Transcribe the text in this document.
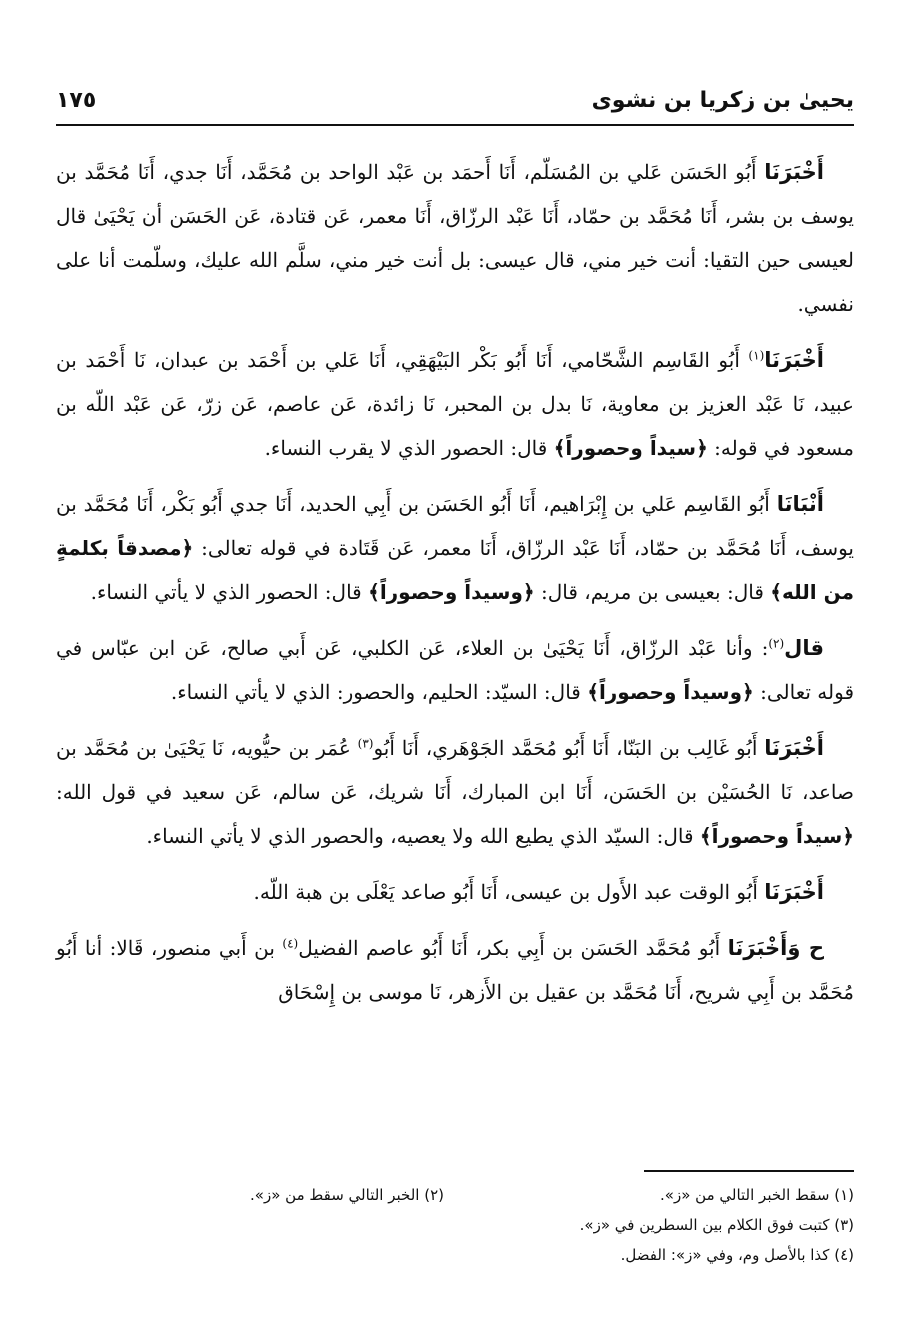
يحيىٰ بن زكريا بن نشوى
١٧٥

أَخْبَرَنَا أَبُو الحَسَن عَلي بن المُسَلّم، أَنَا أَحمَد بن عَبْد الواحد بن مُحَمَّد، أَنَا جدي، أَنَا مُحَمَّد بن يوسف بن بشر، أَنَا مُحَمَّد بن حمّاد، أَنَا عَبْد الرزّاق، أَنَا معمر، عَن قتادة، عَن الحَسَن أن يَحْيَىٰ قال لعيسى حين التقيا: أنت خير مني، قال عيسى: بل أنت خير مني، سلَّم الله عليك، وسلّمت أنا على نفسي.

أَخْبَرَنَا$^{(١)}$ أَبُو القَاسِم الشَّحّامي، أَنَا أَبُو بَكْر البَيْهَقِي، أَنَا عَلي بن أَحْمَد بن عبدان، نَا أَحْمَد بن عبيد، نَا عَبْد العزيز بن معاوية، نَا بدل بن المحبر، نَا زائدة، عَن عاصم، عَن زرّ، عَن عَبْد اللّه بن مسعود في قوله: ﴿سيداً وحصوراً﴾ قال: الحصور الذي لا يقرب النساء.

أَنْبَانَا أَبُو القَاسِم عَلي بن إِبْرَاهيم، أَنَا أَبُو الحَسَن بن أَبِي الحديد، أَنَا جدي أَبُو بَكْر، أَنَا مُحَمَّد بن يوسف، أَنَا مُحَمَّد بن حمّاد، أَنَا عَبْد الرزّاق، أَنَا معمر، عَن قَتَادة في قوله تعالى: ﴿مصدقاً بكلمةٍ من الله﴾ قال: بعيسى بن مريم، قال: ﴿وسيداً وحصوراً﴾ قال: الحصور الذي لا يأتي النساء.

قال$^{(٢)}$: وأنا عَبْد الرزّاق، أَنَا يَحْيَىٰ بن العلاء، عَن الكلبي، عَن أَبي صالح، عَن ابن عبّاس في قوله تعالى: ﴿وسيداً وحصوراً﴾ قال: السيّد: الحليم، والحصور: الذي لا يأتي النساء.

أَخْبَرَنَا أَبُو غَالِب بن البَنّا، أَنَا أَبُو مُحَمَّد الجَوْهَري، أَنَا أَبُو$^{(٣)}$ عُمَر بن حيُّويه، نَا يَحْيَىٰ بن مُحَمَّد بن صاعد، نَا الحُسَيْن بن الحَسَن، أَنَا ابن المبارك، أَنَا شريك، عَن سالم، عَن سعيد في قول الله: ﴿سيداً وحصوراً﴾ قال: السيّد الذي يطيع الله ولا يعصيه، والحصور الذي لا يأتي النساء.

أَخْبَرَنَا أَبُو الوقت عبد الأَول بن عيسى، أَنَا أَبُو صاعد يَعْلَى بن هبة اللّه.

ح وَأَخْبَرَنَا أَبُو مُحَمَّد الحَسَن بن أَبِي بكر، أَنَا أَبُو عاصم الفضيل$^{(٤)}$ بن أَبي منصور، قَالا: أنا أَبُو مُحَمَّد بن أَبِي شريح، أَنَا مُحَمَّد بن عقيل بن الأَزهر، نَا موسى بن إِسْحَاق

(١) سقط الخبر التالي من «ز».
(٢) الخبر التالي سقط من «ز».
(٣) كتبت فوق الكلام بين السطرين في «ز».
(٤) كذا بالأصل وم، وفي «ز»: الفضل.
